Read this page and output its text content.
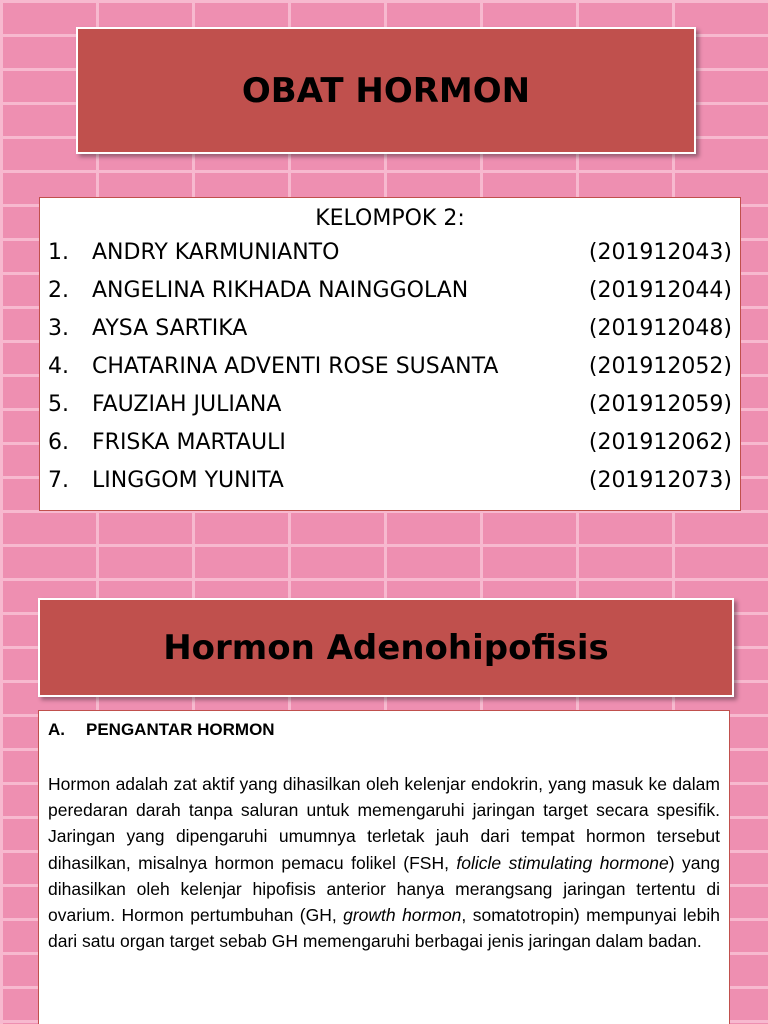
OBAT HORMON
KELOMPOK 2:
1. ANDRY KARMUNIANTO	(201912043)
2. ANGELINA RIKHADA NAINGGOLAN	(201912044)
3. AYSA SARTIKA	(201912048)
4. CHATARINA ADVENTI ROSE SUSANTA	(201912052)
5. FAUZIAH JULIANA	(201912059)
6. FRISKA MARTAULI	(201912062)
7. LINGGOM YUNITA	(201912073)
Hormon Adenohipofisis
A. PENGANTAR HORMON
Hormon adalah zat aktif yang dihasilkan oleh kelenjar endokrin, yang masuk ke dalam peredaran darah tanpa saluran untuk memengaruhi jaringan target secara spesifik. Jaringan yang dipengaruhi umumnya terletak jauh dari tempat hormon tersebut dihasilkan, misalnya hormon pemacu folikel (FSH, folicle stimulating hormone) yang dihasilkan oleh kelenjar hipofisis anterior hanya merangsang jaringan tertentu di ovarium. Hormon pertumbuhan (GH, growth hormon, somatotropin) mempunyai lebih dari satu organ target sebab GH memengaruhi berbagai jenis jaringan dalam badan.
